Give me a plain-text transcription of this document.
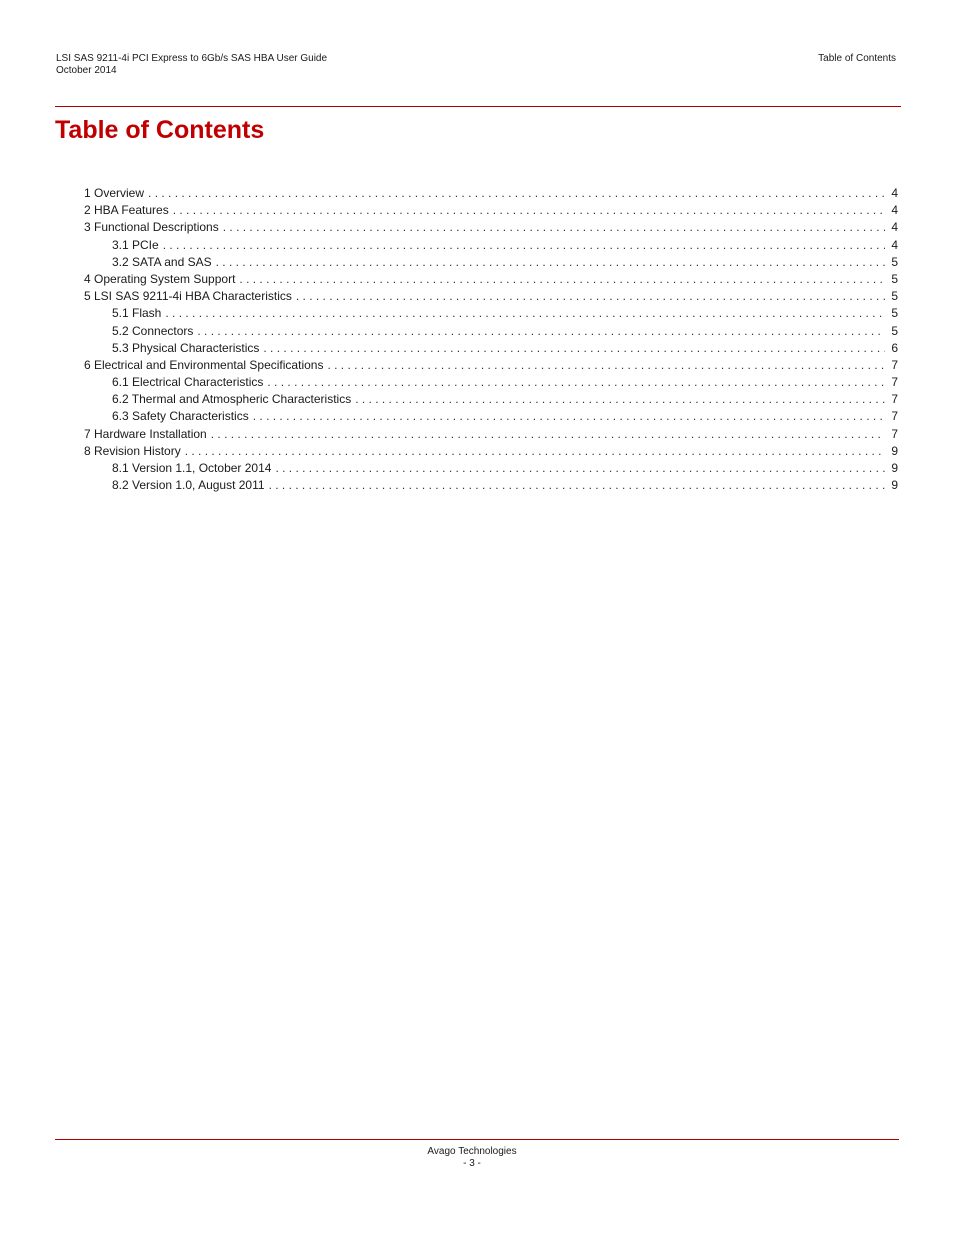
LSI SAS 9211-4i PCI Express to 6Gb/s SAS HBA User Guide
October 2014
Table of Contents
Table of Contents
1 Overview . . .	4
2 HBA Features . . .	4
3 Functional Descriptions . . .	4
3.1 PCIe . . .	4
3.2 SATA and SAS . . .	5
4 Operating System Support . . .	5
5 LSI SAS 9211-4i HBA Characteristics . . .	5
5.1 Flash . . .	5
5.2 Connectors . . .	5
5.3 Physical Characteristics . . .	6
6 Electrical and Environmental Specifications . . .	7
6.1 Electrical Characteristics . . .	7
6.2 Thermal and Atmospheric Characteristics . . .	7
6.3 Safety Characteristics . . .	7
7 Hardware Installation . . .	7
8 Revision History . . .	9
8.1 Version 1.1, October 2014 . . .	9
8.2 Version 1.0, August 2011 . . .	9
Avago Technologies
- 3 -
